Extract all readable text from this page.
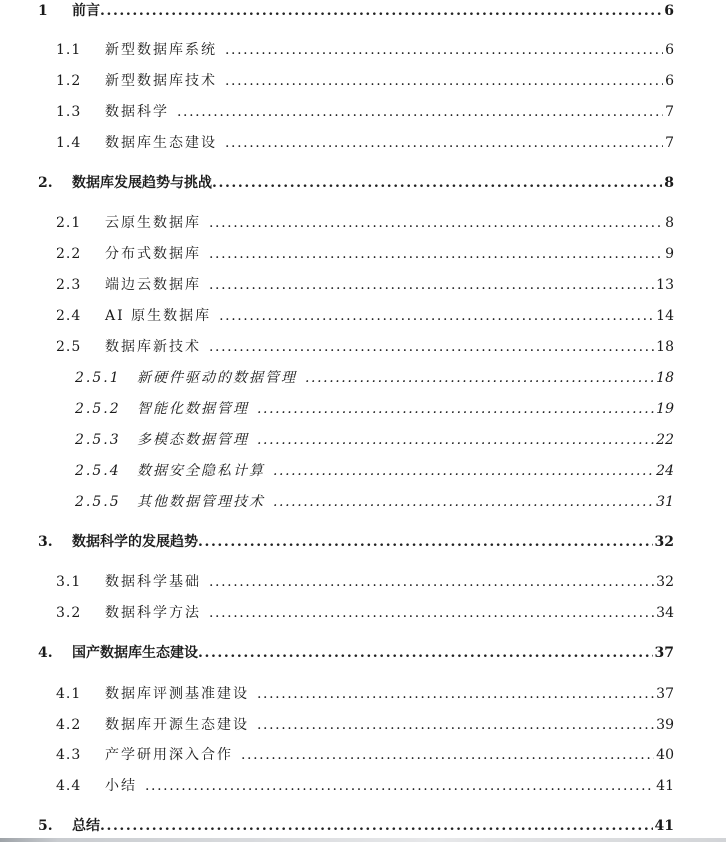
1	前言 .....	6
1.1	新型数据库系统 .....	6
1.2	新型数据库技术 .....	6
1.3	数据科学 .....	7
1.4	数据库生态建设 .....	7
2.	数据库发展趋势与挑战 .....	8
2.1	云原生数据库 .....	8
2.2	分布式数据库 .....	9
2.3	端边云数据库 .....	13
2.4	AI 原生数据库 .....	14
2.5	数据库新技术 .....	18
2.5.1	新硬件驱动的数据管理 .....	18
2.5.2	智能化数据管理 .....	19
2.5.3	多模态数据管理 .....	22
2.5.4	数据安全隐私计算 .....	24
2.5.5	其他数据管理技术 .....	31
3.	数据科学的发展趋势 .....	32
3.1	数据科学基础 .....	32
3.2	数据科学方法 .....	34
4.	国产数据库生态建设 .....	37
4.1	数据库评测基准建设 .....	37
4.2	数据库开源生态建设 .....	39
4.3	产学研用深入合作 .....	40
4.4	小结 .....	41
5.	总结 .....	41
